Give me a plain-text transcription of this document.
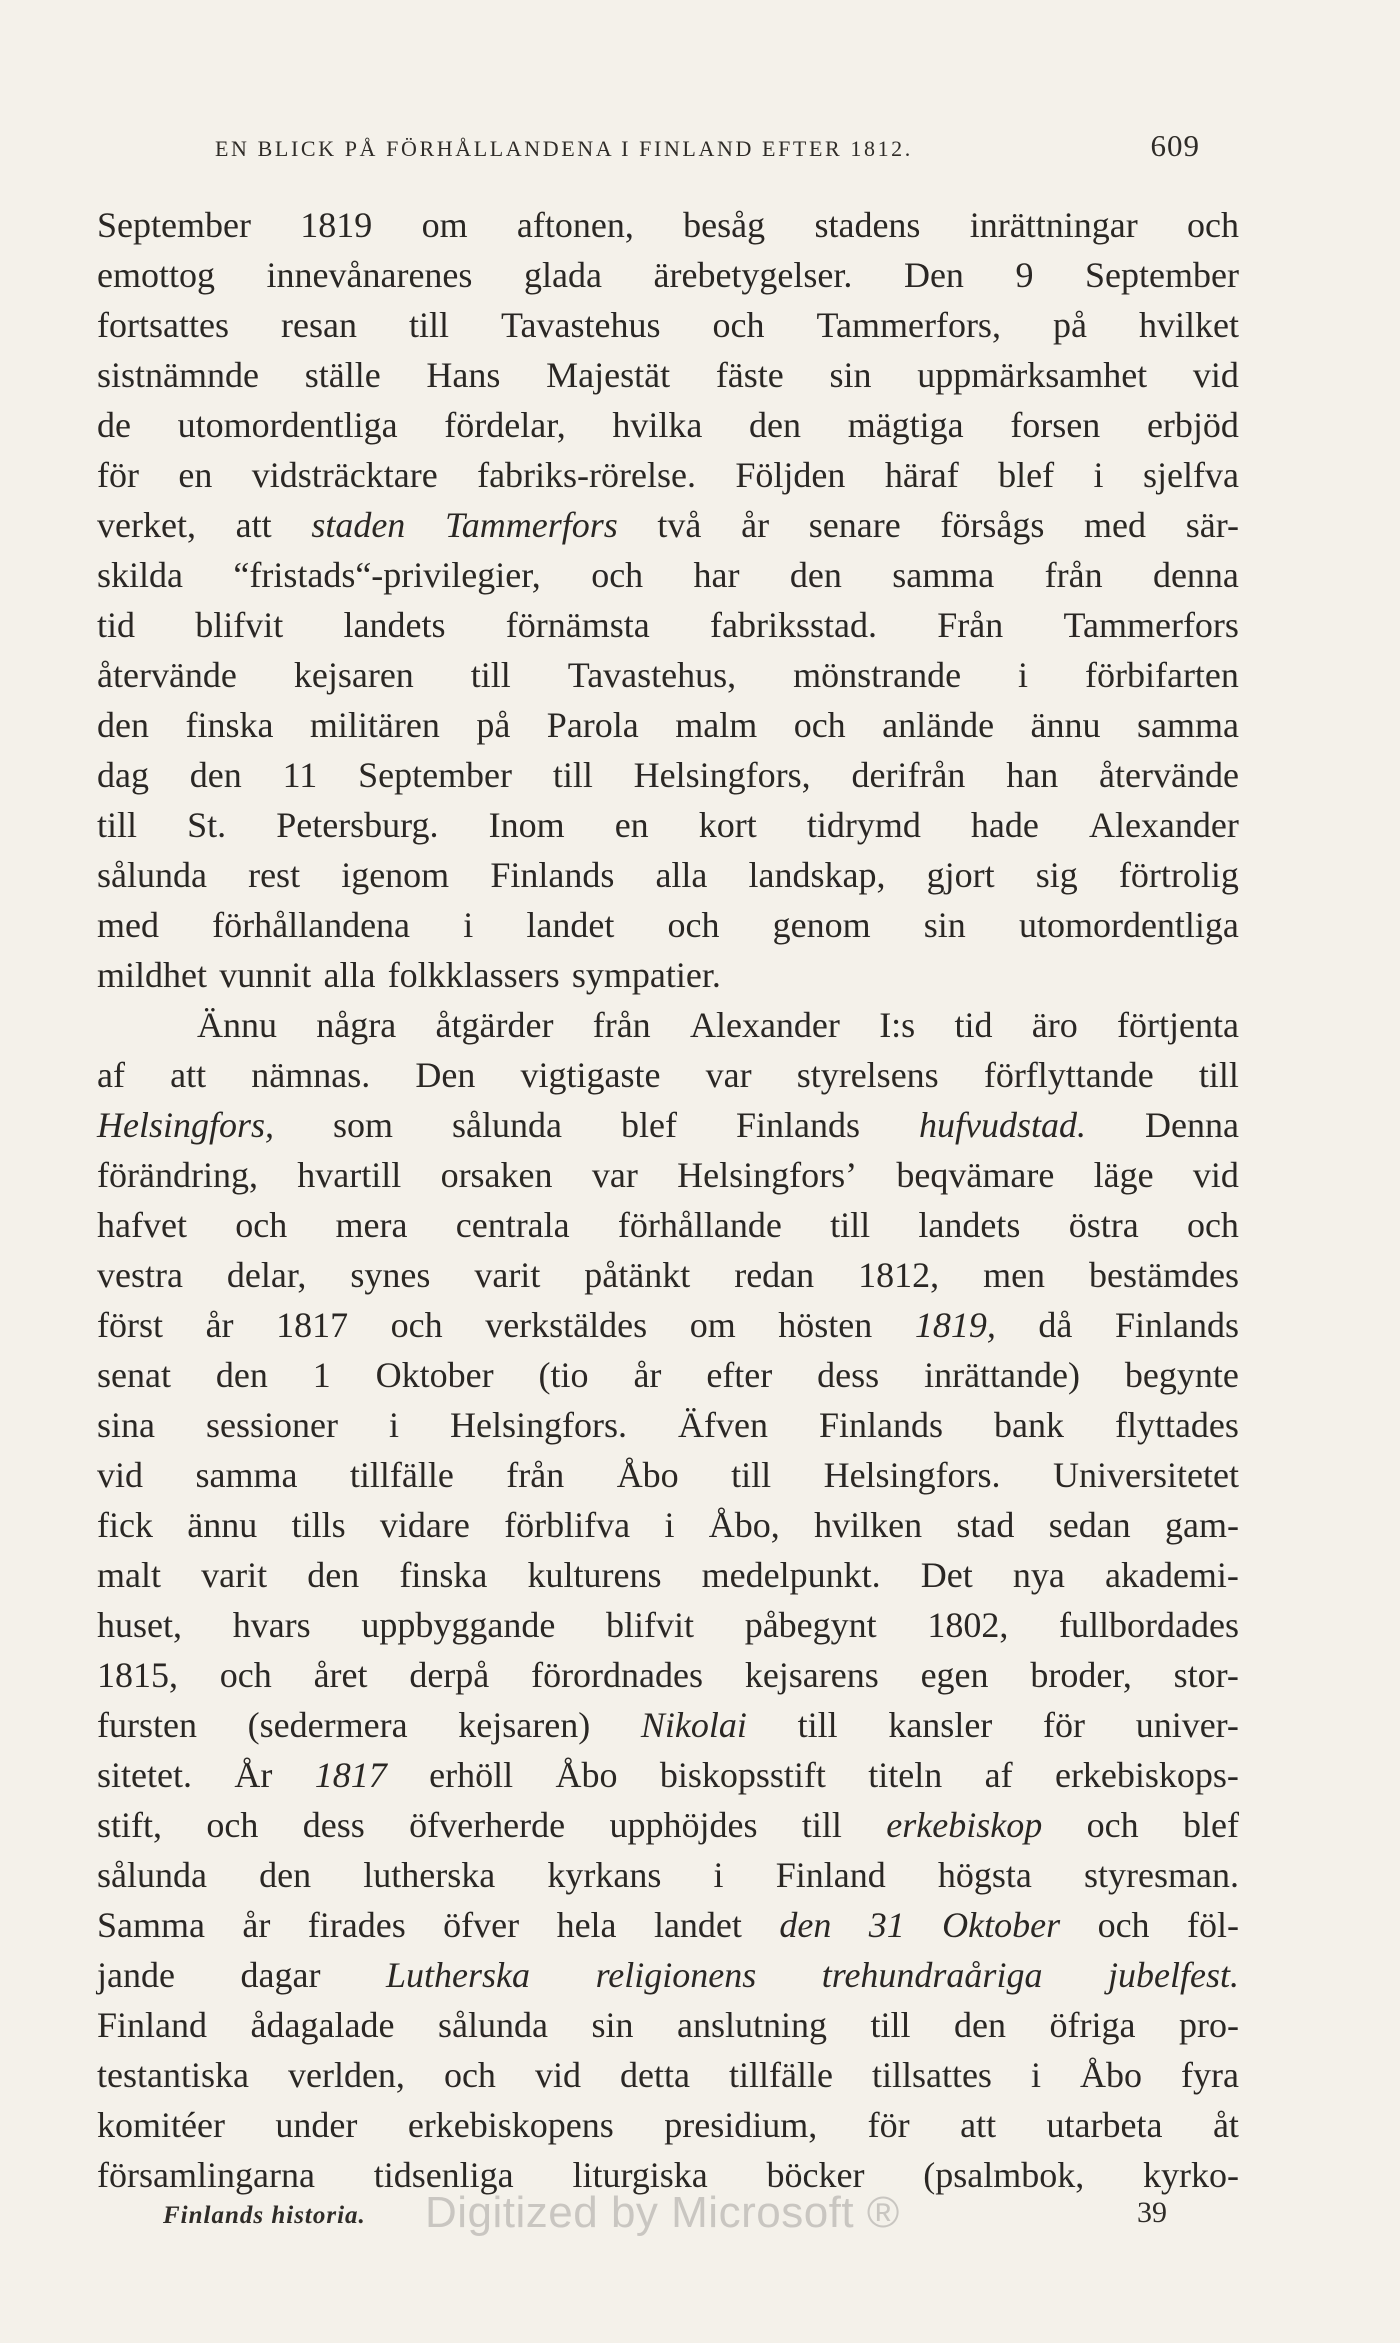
EN BLICK PÅ FÖRHÅLLANDENA I FINLAND EFTER 1812.	609
September 1819 om aftonen, besåg stadens inrättningar och
emottog innevånarenes glada ärebetygelser. Den 9 September
fortsattes resan till Tavastehus och Tammerfors, på hvilket
sistnämnde ställe Hans Majestät fäste sin uppmärksamhet vid
de utomordentliga fördelar, hvilka den mägtiga forsen erbjöd
för en vidsträcktare fabriks-rörelse. Följden häraf blef i sjelfva
verket, att staden Tammerfors två år senare försågs med sär-
skilda “fristads“-privilegier, och har den samma från denna
tid blifvit landets förnämsta fabriksstad. Från Tammerfors
återvände kejsaren till Tavastehus, mönstrande i förbifarten
den finska militären på Parola malm och anlände ännu samma
dag den 11 September till Helsingfors, derifrån han återvände
till St. Petersburg. Inom en kort tidrymd hade Alexander
sålunda rest igenom Finlands alla landskap, gjort sig förtrolig
med förhållandena i landet och genom sin utomordentliga
mildhet vunnit alla folkklassers sympatier.
Ännu några åtgärder från Alexander I:s tid äro förtjenta
af att nämnas. Den vigtigaste var styrelsens förflyttande till
Helsingfors, som sålunda blef Finlands hufvudstad. Denna
förändring, hvartill orsaken var Helsingfors’ beqvämare läge vid
hafvet och mera centrala förhållande till landets östra och
vestra delar, synes varit påtänkt redan 1812, men bestämdes
först år 1817 och verkstäldes om hösten 1819, då Finlands
senat den 1 Oktober (tio år efter dess inrättande) begynte
sina sessioner i Helsingfors. Äfven Finlands bank flyttades
vid samma tillfälle från Åbo till Helsingfors. Universitetet
fick ännu tills vidare förblifva i Åbo, hvilken stad sedan gam-
malt varit den finska kulturens medelpunkt. Det nya akademi-
huset, hvars uppbyggande blifvit påbegynt 1802, fullbordades
1815, och året derpå förordnades kejsarens egen broder, stor-
fursten (sedermera kejsaren) Nikolai till kansler för univer-
sitetet. År 1817 erhöll Åbo biskopsstift titeln af erkebiskops-
stift, och dess öfverherde upphöjdes till erkebiskop och blef
sålunda den lutherska kyrkans i Finland högsta styresman.
Samma år firades öfver hela landet den 31 Oktober och föl-
jande dagar Lutherska religionens trehundraåriga jubelfest.
Finland ådagalade sålunda sin anslutning till den öfriga pro-
testantiska verlden, och vid detta tillfälle tillsattes i Åbo fyra
komitéer under erkebiskopens presidium, för att utarbeta åt
församlingarna tidsenliga liturgiska böcker (psalmbok, kyrko-
Finlands historia. Digitized by Microsoft ®	39
